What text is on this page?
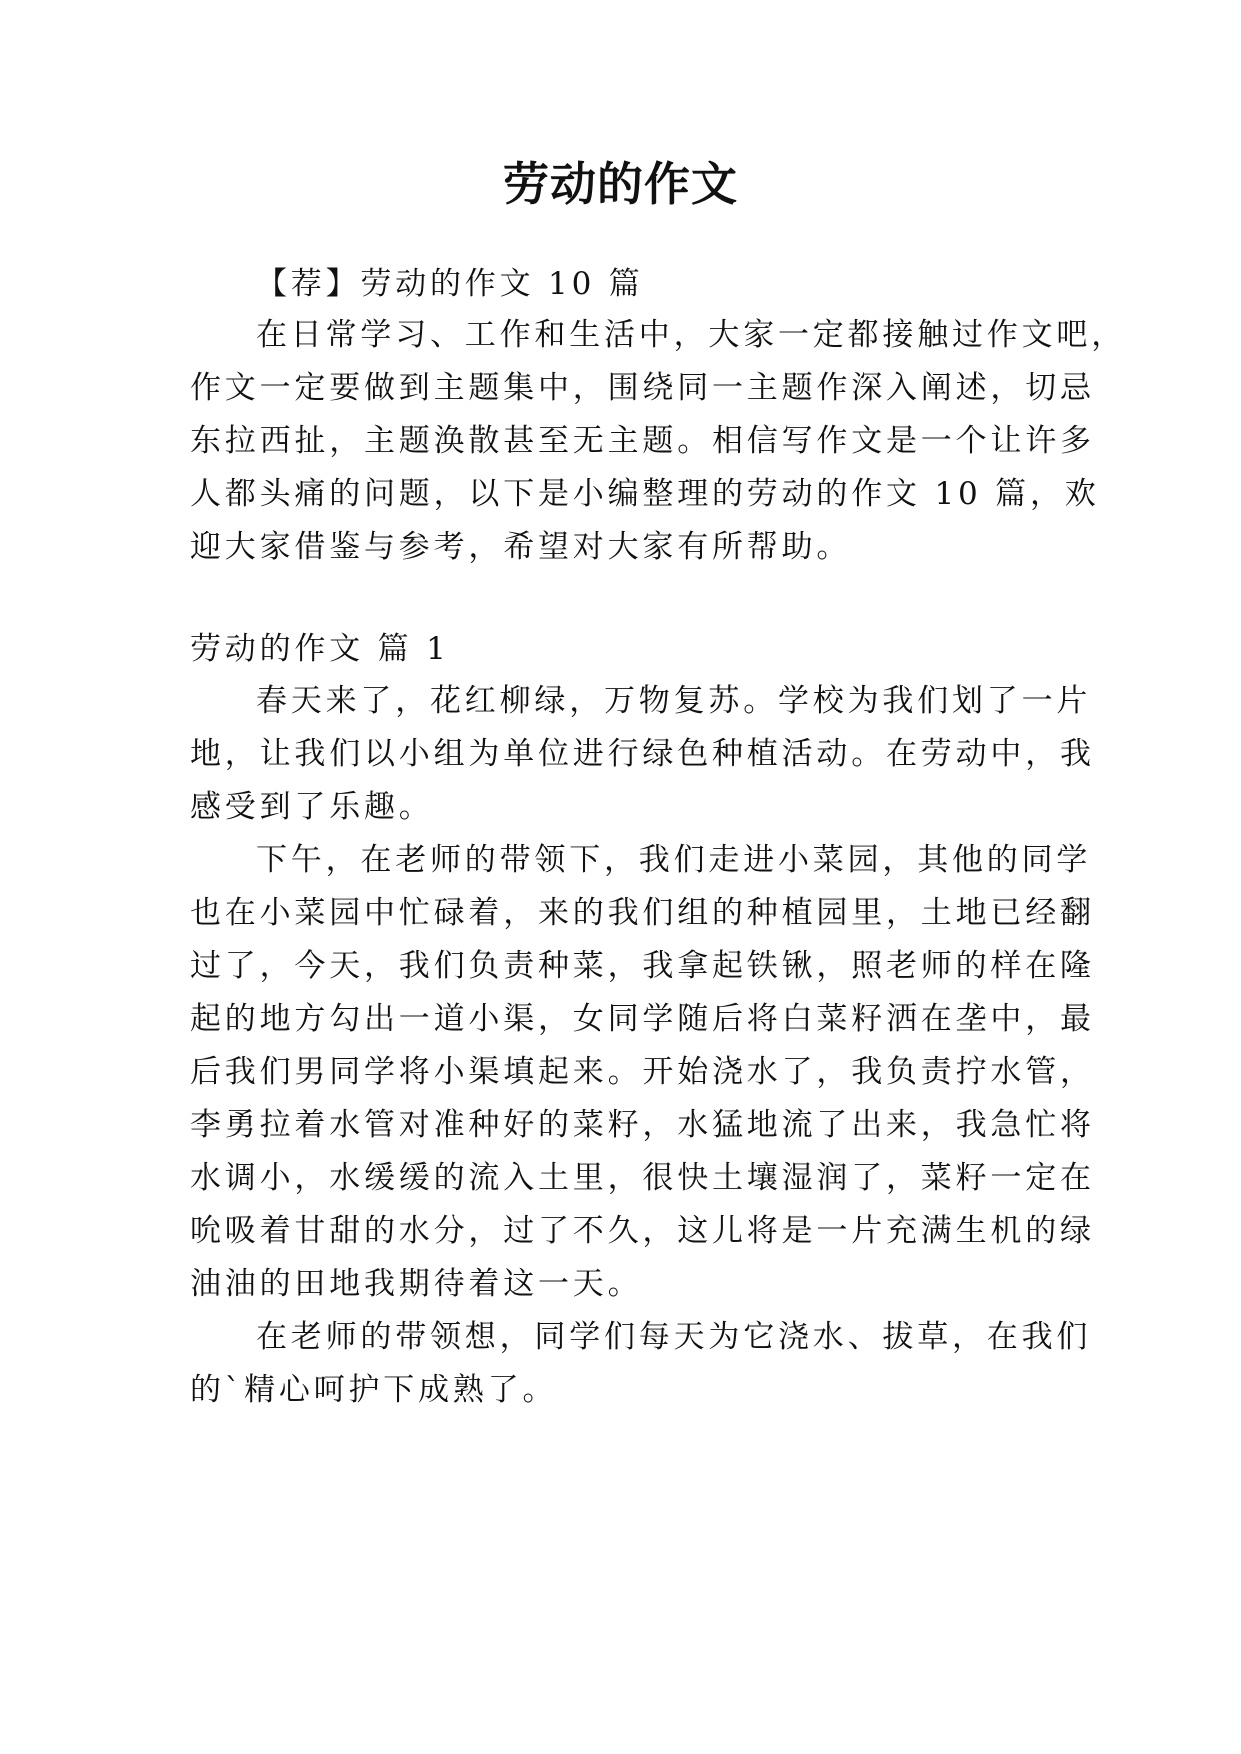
劳动的作文
【荐】劳动的作文 10 篇
在日常学习、工作和生活中，大家一定都接触过作文吧，
作文一定要做到主题集中，围绕同一主题作深入阐述，切忌
东拉西扯，主题涣散甚至无主题。相信写作文是一个让许多
人都头痛的问题，以下是小编整理的劳动的作文 10 篇，欢
迎大家借鉴与参考，希望对大家有所帮助。
劳动的作文 篇 1
春天来了，花红柳绿，万物复苏。学校为我们划了一片
地，让我们以小组为单位进行绿色种植活动。在劳动中，我
感受到了乐趣。
下午，在老师的带领下，我们走进小菜园，其他的同学
也在小菜园中忙碌着，来的我们组的种植园里，土地已经翻
过了，今天，我们负责种菜，我拿起铁锹，照老师的样在隆
起的地方勾出一道小渠，女同学随后将白菜籽洒在垄中，最
后我们男同学将小渠填起来。开始浇水了，我负责拧水管，
李勇拉着水管对准种好的菜籽，水猛地流了出来，我急忙将
水调小，水缓缓的流入土里，很快土壤湿润了，菜籽一定在
吮吸着甘甜的水分，过了不久，这儿将是一片充满生机的绿
油油的田地我期待着这一天。
在老师的带领想，同学们每天为它浇水、拔草，在我们
的`精心呵护下成熟了。
